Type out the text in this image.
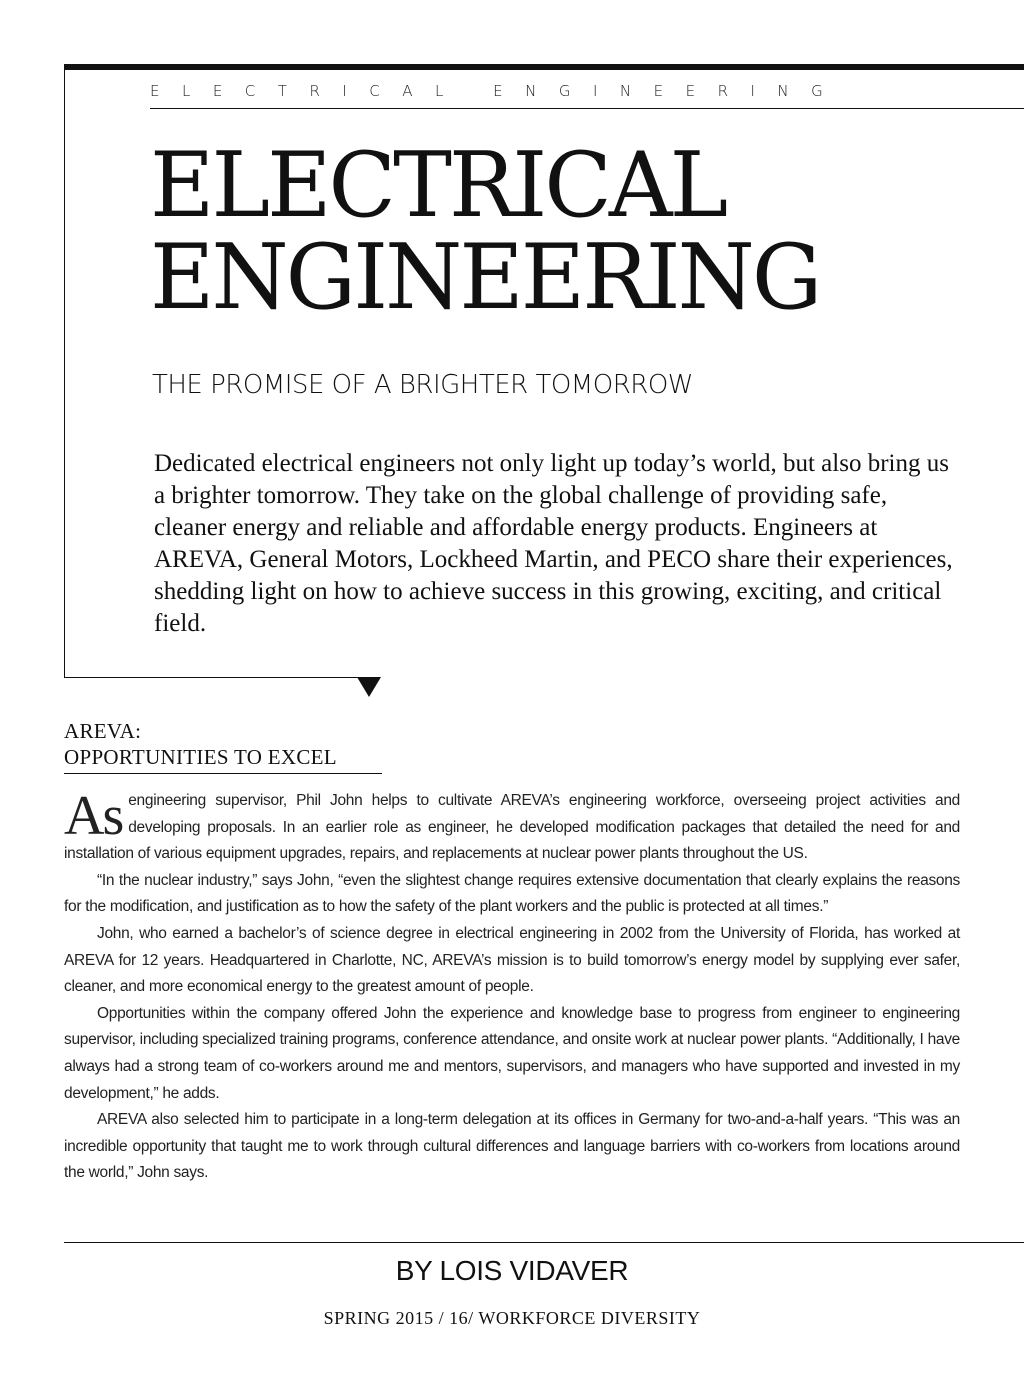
ELECTRICAL ENGINEERING

ELECTRICAL
ENGINEERING
THE PROMISE OF A BRIGHTER TOMORROW

Dedicated electrical engineers not only light up today’s world, but also bring us a brighter tomorrow. They take on the global challenge of providing safe, cleaner energy and reliable and affordable energy products. Engineers at AREVA, General Motors, Lockheed Martin, and PECO share their experiences, shedding light on how to achieve success in this growing, exciting, and critical field.

AREVA:
OPPORTUNITIES TO EXCEL

As engineering supervisor, Phil John helps to cultivate AREVA’s engineering workforce, overseeing project activities and developing proposals. In an earlier role as engineer, he developed modification packages that detailed the need for and installation of various equipment upgrades, repairs, and replacements at nuclear power plants throughout the US.

“In the nuclear industry,” says John, “even the slightest change requires extensive documentation that clearly explains the reasons for the modification, and justification as to how the safety of the plant workers and the public is protected at all times.”

John, who earned a bachelor’s of science degree in electrical engineering in 2002 from the University of Florida, has worked at AREVA for 12 years. Headquartered in Charlotte, NC, AREVA’s mission is to build tomorrow’s energy model by supplying ever safer, cleaner, and more economical energy to the greatest amount of people.

Opportunities within the company offered John the experience and knowledge base to progress from engineer to engineering supervisor, including specialized training programs, conference attendance, and onsite work at nuclear power plants. “Additionally, I have always had a strong team of co-workers around me and mentors, supervisors, and managers who have supported and invested in my development,” he adds.

AREVA also selected him to participate in a long-term delegation at its offices in Germany for two-and-a-half years. “This was an incredible opportunity that taught me to work through cultural differences and language barriers with co-workers from locations around the world,” John says.

BY LOIS VIDAVER

SPRING 2015 / 16/ WORKFORCE DIVERSITY
